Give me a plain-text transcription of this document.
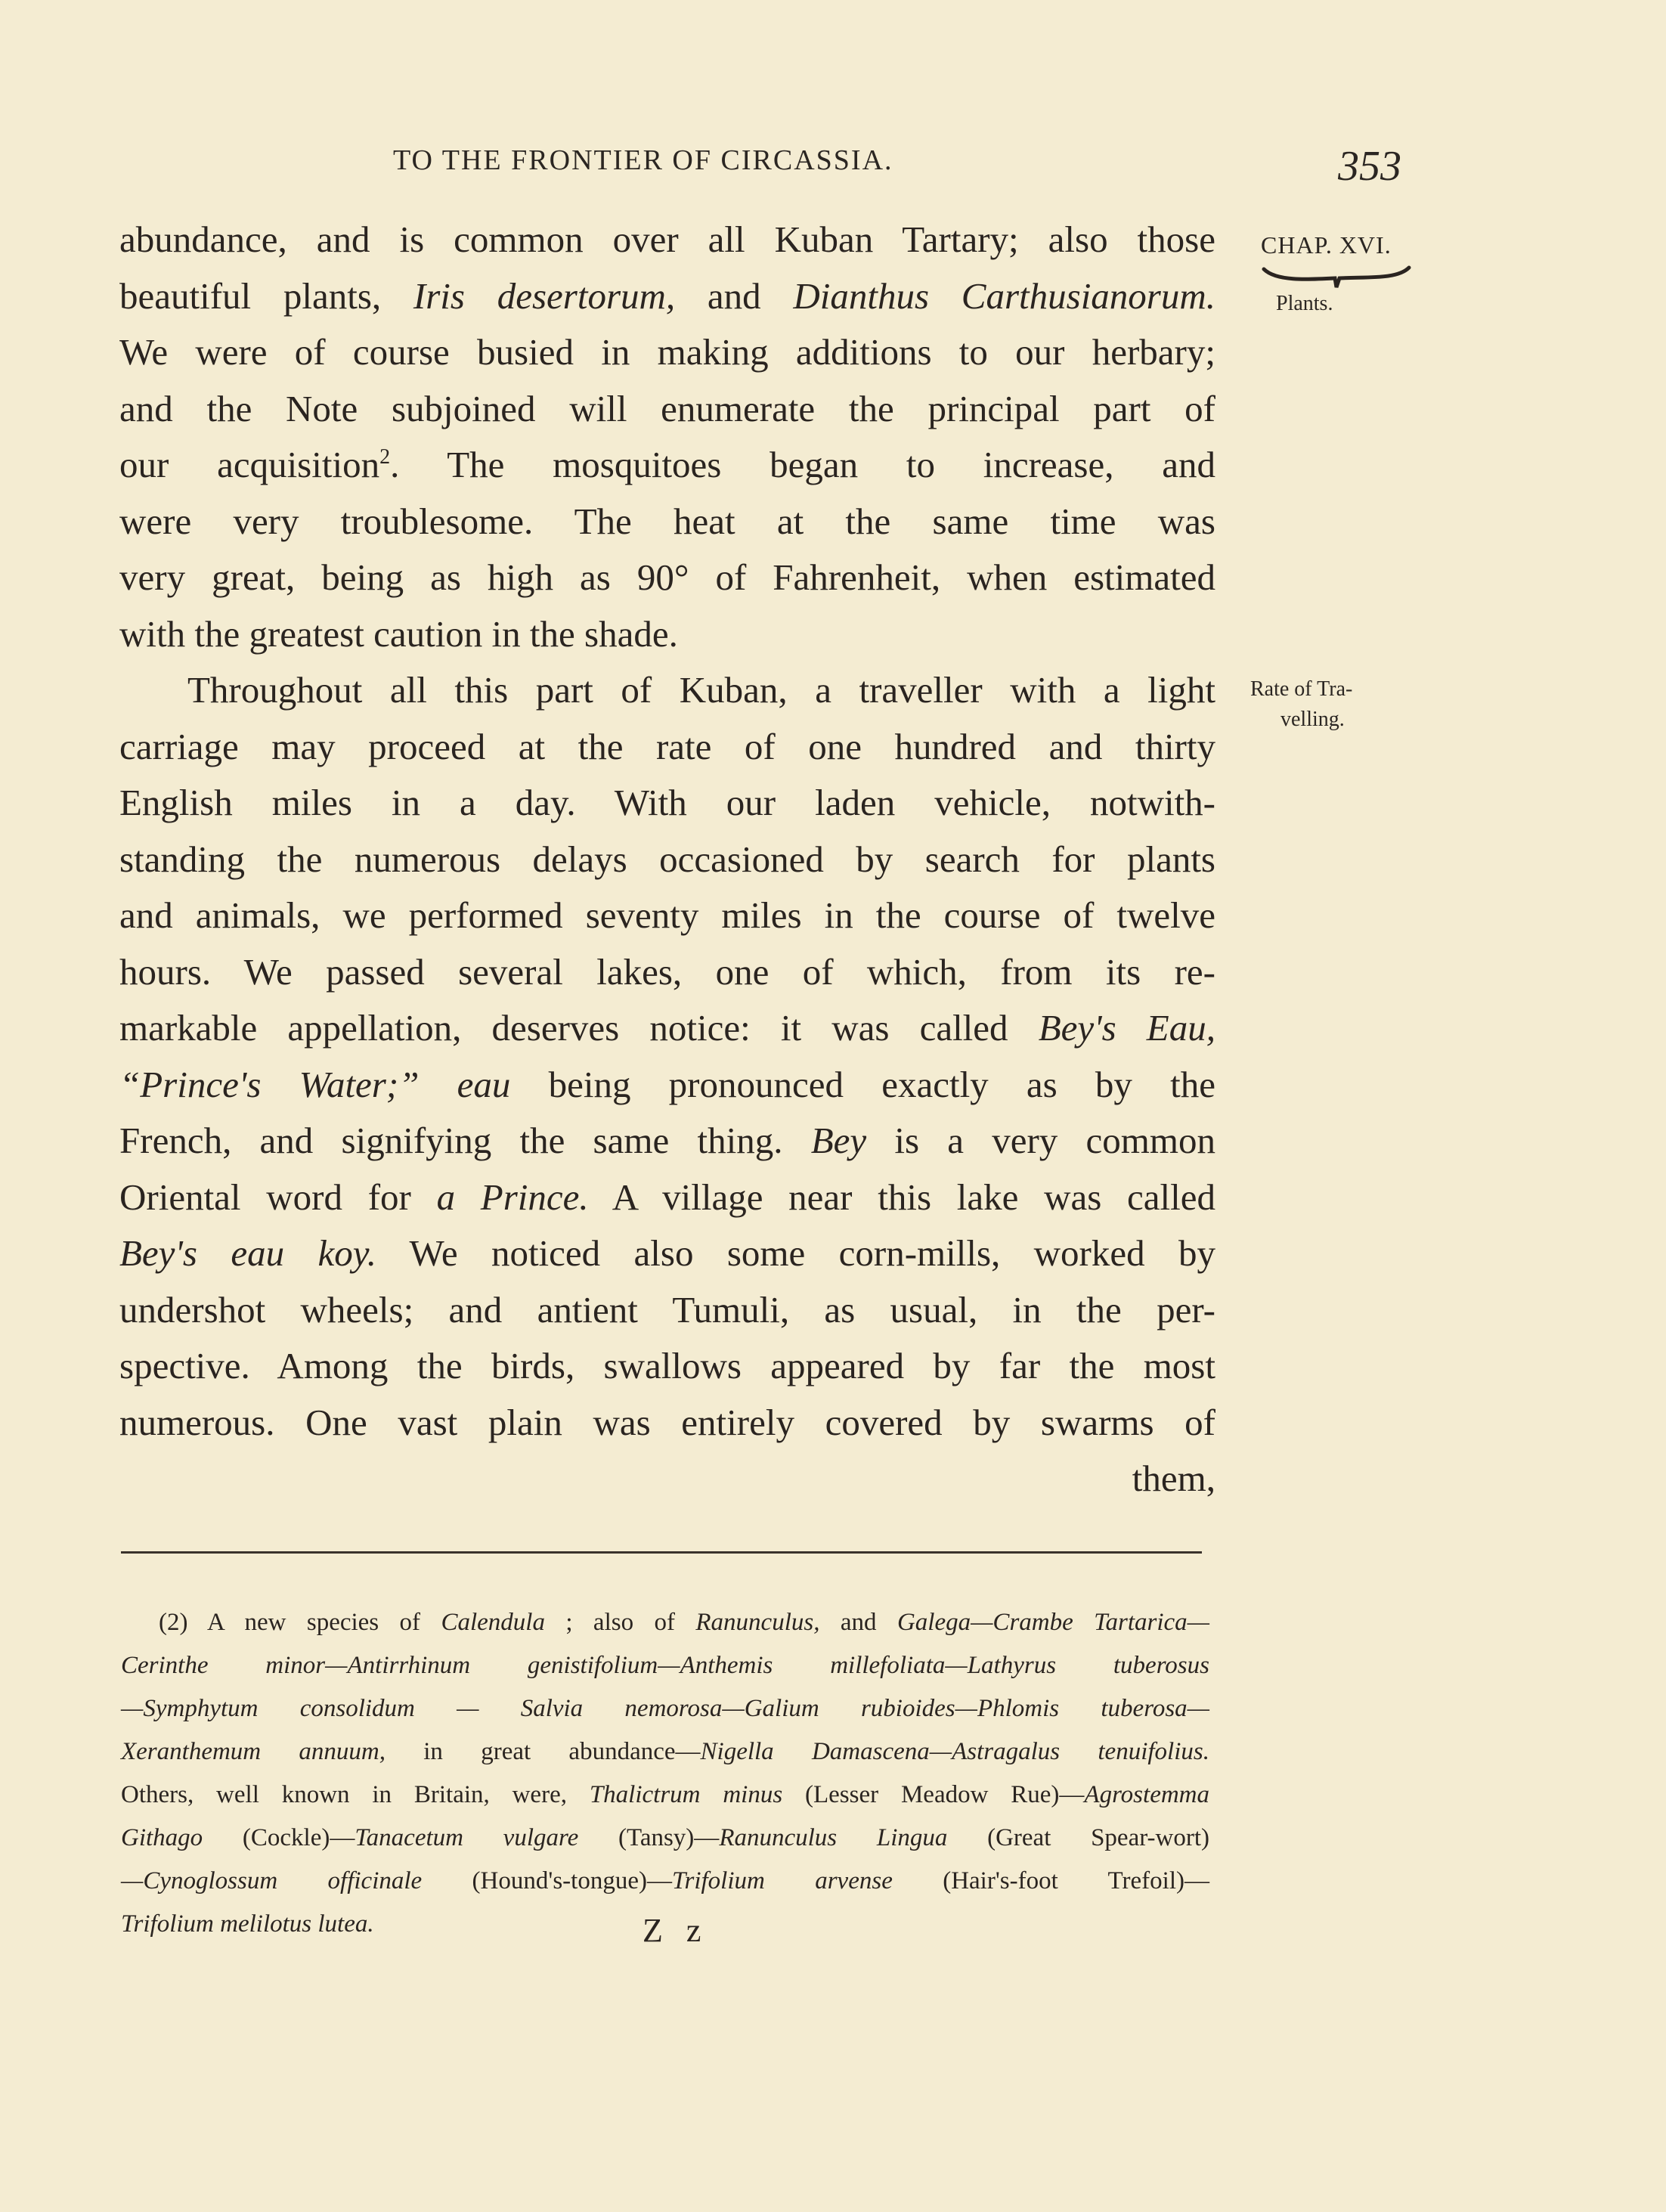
TO THE FRONTIER OF CIRCASSIA.	353
CHAP. XVI.
Plants.
Rate of Tra-
velling.
abundance, and is common over all Kuban Tartary; also those
beautiful plants, Iris desertorum, and Dianthus Carthusianorum.
We were of course busied in making additions to our herbary;
and the Note subjoined will enumerate the principal part of
our acquisition$^2$. The mosquitoes began to increase, and
were very troublesome. The heat at the same time was
very great, being as high as 90° of Fahrenheit, when estimated
with the greatest caution in the shade.
Throughout all this part of Kuban, a traveller with a light
carriage may proceed at the rate of one hundred and thirty
English miles in a day. With our laden vehicle, notwith-
standing the numerous delays occasioned by search for plants
and animals, we performed seventy miles in the course of twelve
hours. We passed several lakes, one of which, from its re-
markable appellation, deserves notice: it was called Bey's Eau,
“Prince's Water;” eau being pronounced exactly as by the
French, and signifying the same thing. Bey is a very common
Oriental word for a Prince. A village near this lake was called
Bey's eau koy. We noticed also some corn-mills, worked by
undershot wheels; and antient Tumuli, as usual, in the per-
spective. Among the birds, swallows appeared by far the most
numerous. One vast plain was entirely covered by swarms of
them,
(2) A new species of Calendula ; also of Ranunculus, and Galega—Crambe Tartarica—
Cerinthe minor—Antirrhinum genistifolium—Anthemis millefoliata—Lathyrus tuberosus
—Symphytum consolidum — Salvia nemorosa—Galium rubioides—Phlomis tuberosa—
Xeranthemum annuum, in great abundance—Nigella Damascena—Astragalus tenuifolius.
Others, well known in Britain, were, Thalictrum minus (Lesser Meadow Rue)—Agrostemma
Githago (Cockle)—Tanacetum vulgare (Tansy)—Ranunculus Lingua (Great Spear-wort)
—Cynoglossum officinale (Hound's-tongue)—Trifolium arvense (Hair's-foot Trefoil)—
Trifolium melilotus lutea.	Z z
